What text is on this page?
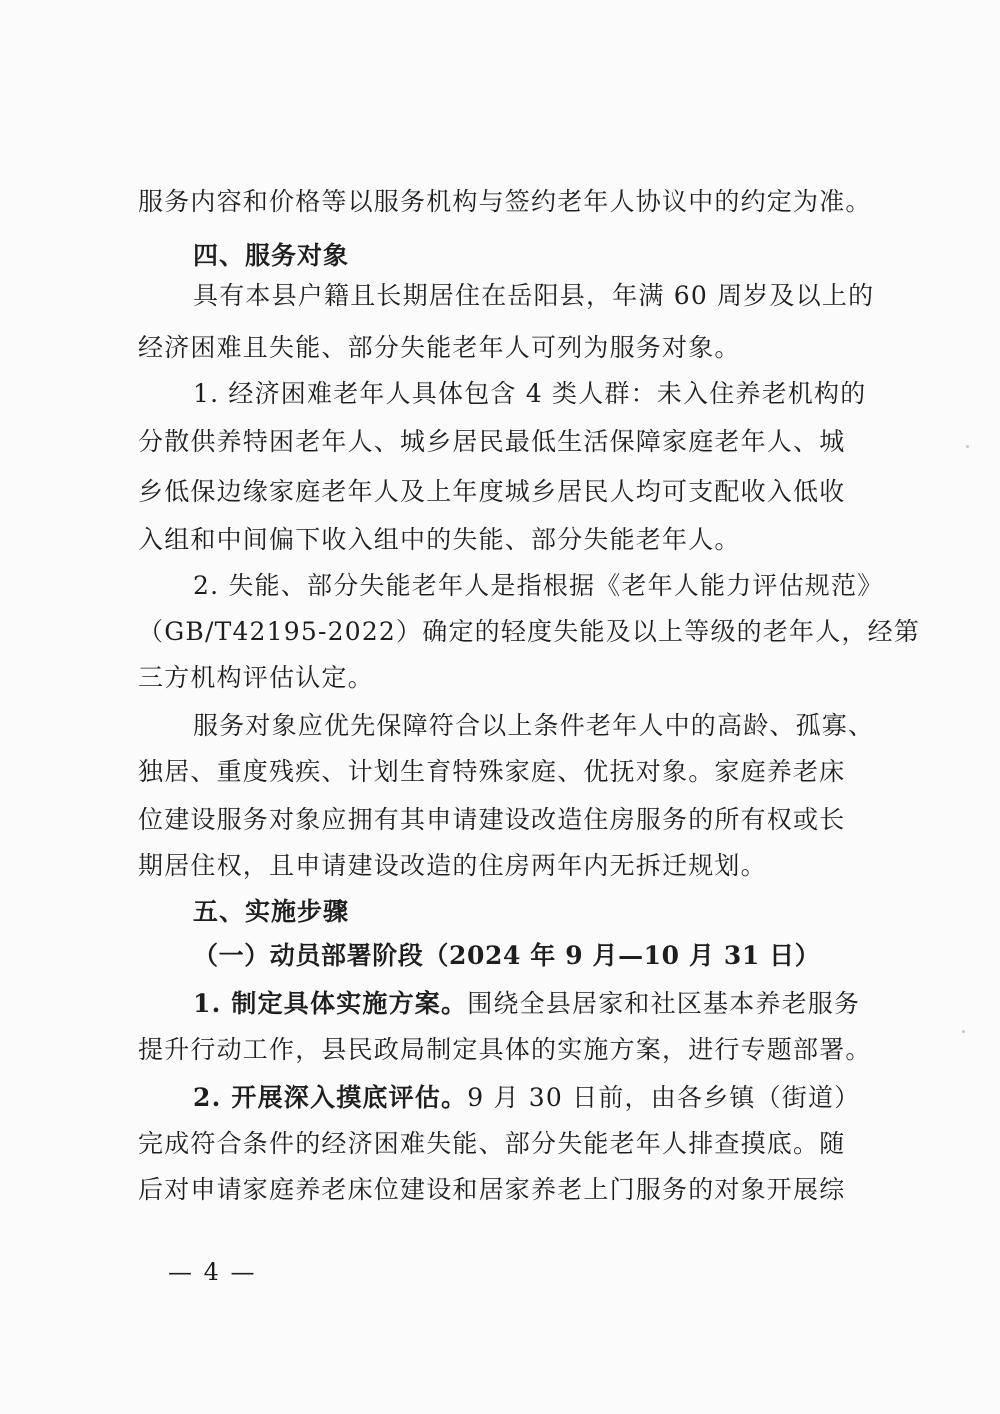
服务内容和价格等以服务机构与签约老年人协议中的约定为准。
四、服务对象
具有本县户籍且长期居住在岳阳县，年满 60 周岁及以上的
经济困难且失能、部分失能老年人可列为服务对象。
1. 经济困难老年人具体包含 4 类人群：未入住养老机构的
分散供养特困老年人、城乡居民最低生活保障家庭老年人、城
乡低保边缘家庭老年人及上年度城乡居民人均可支配收入低收
入组和中间偏下收入组中的失能、部分失能老年人。
2. 失能、部分失能老年人是指根据《老年人能力评估规范》
（GB/T42195-2022）确定的轻度失能及以上等级的老年人，经第
三方机构评估认定。
服务对象应优先保障符合以上条件老年人中的高龄、孤寡、
独居、重度残疾、计划生育特殊家庭、优抚对象。家庭养老床
位建设服务对象应拥有其申请建设改造住房服务的所有权或长
期居住权，且申请建设改造的住房两年内无拆迁规划。
五、实施步骤
（一）动员部署阶段（2024 年 9 月—10 月 31 日）
1. 制定具体实施方案。围绕全县居家和社区基本养老服务
提升行动工作，县民政局制定具体的实施方案，进行专题部署。
2. 开展深入摸底评估。9 月 30 日前，由各乡镇（街道）
完成符合条件的经济困难失能、部分失能老年人排查摸底。随
后对申请家庭养老床位建设和居家养老上门服务的对象开展综
— 4 —
